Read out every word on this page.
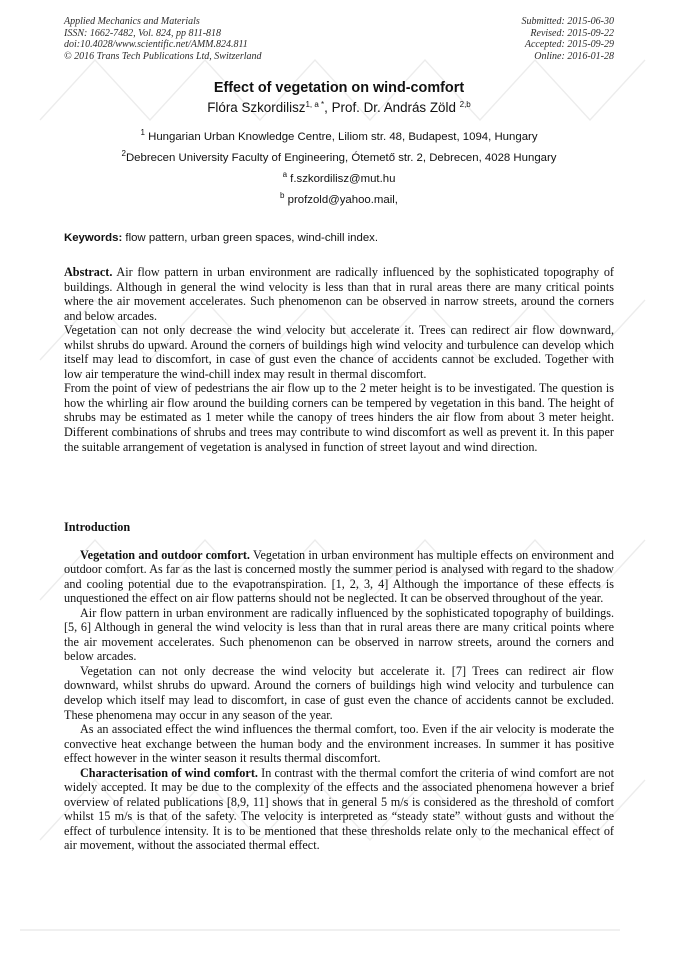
Applied Mechanics and Materials
ISSN: 1662-7482, Vol. 824, pp 811-818
doi:10.4028/www.scientific.net/AMM.824.811
© 2016 Trans Tech Publications Ltd, Switzerland
Submitted: 2015-06-30
Revised: 2015-09-22
Accepted: 2015-09-29
Online: 2016-01-28
Effect of vegetation on wind-comfort
Flóra Szkordilisz$^{1, a *}$, Prof. Dr. András Zöld $^{2,b}$
$^1$ Hungarian Urban Knowledge Centre, Liliom str. 48, Budapest, 1094, Hungary
$^2$Debrecen University Faculty of Engineering, Ótemető str. 2, Debrecen, 4028 Hungary
$^a$ f.szkordilisz@mut.hu
$^b$ profzold@yahoo.mail,
Keywords: flow pattern, urban green spaces, wind-chill index.

Abstract. Air flow pattern in urban environment are radically influenced by the sophisticated topography of buildings. Although in general the wind velocity is less than that in rural areas there are many critical points where the air movement accelerates. Such phenomenon can be observed in narrow streets, around the corners and below arcades.

Vegetation can not only decrease the wind velocity but accelerate it. Trees can redirect air flow downward, whilst shrubs do upward. Around the corners of buildings high wind velocity and turbulence can develop which itself may lead to discomfort, in case of gust even the chance of accidents cannot be excluded. Together with low air temperature the wind-chill index may result in thermal discomfort.

From the point of view of pedestrians the air flow up to the 2 meter height is to be investigated. The question is how the whirling air flow around the building corners can be tempered by vegetation in this band. The height of shrubs may be estimated as 1 meter while the canopy of trees hinders the air flow from about 3 meter height. Different combinations of shrubs and trees may contribute to wind discomfort as well as prevent it. In this paper the suitable arrangement of vegetation is analysed in function of street layout and wind direction.

Introduction

Vegetation and outdoor comfort. Vegetation in urban environment has multiple effects on environment and outdoor comfort. As far as the last is concerned mostly the summer period is analysed with regard to the shadow and cooling potential due to the evapotranspiration. [1, 2, 3, 4] Although the importance of these effects is unquestioned the effect on air flow patterns should not be neglected. It can be observed throughout of the year.

Air flow pattern in urban environment are radically influenced by the sophisticated topography of buildings. [5, 6] Although in general the wind velocity is less than that in rural areas there are many critical points where the air movement accelerates. Such phenomenon can be observed in narrow streets, around the corners and below arcades.

Vegetation can not only decrease the wind velocity but accelerate it. [7] Trees can redirect air flow downward, whilst shrubs do upward. Around the corners of buildings high wind velocity and turbulence can develop which itself may lead to discomfort, in case of gust even the chance of accidents cannot be excluded. These phenomena may occur in any season of the year.

As an associated effect the wind influences the thermal comfort, too. Even if the air velocity is moderate the convective heat exchange between the human body and the environment increases. In summer it has positive effect however in the winter season it results thermal discomfort.

Characterisation of wind comfort. In contrast with the thermal comfort the criteria of wind comfort are not widely accepted. It may be due to the complexity of the effects and the associated phenomena however a brief overview of related publications [8,9, 11] shows that in general 5 m/s is considered as the threshold of comfort whilst 15 m/s is that of the safety. The velocity is interpreted as “steady state” without gusts and without the effect of turbulence intensity. It is to be mentioned that these thresholds relate only to the mechanical effect of air movement, without the associated thermal effect.
